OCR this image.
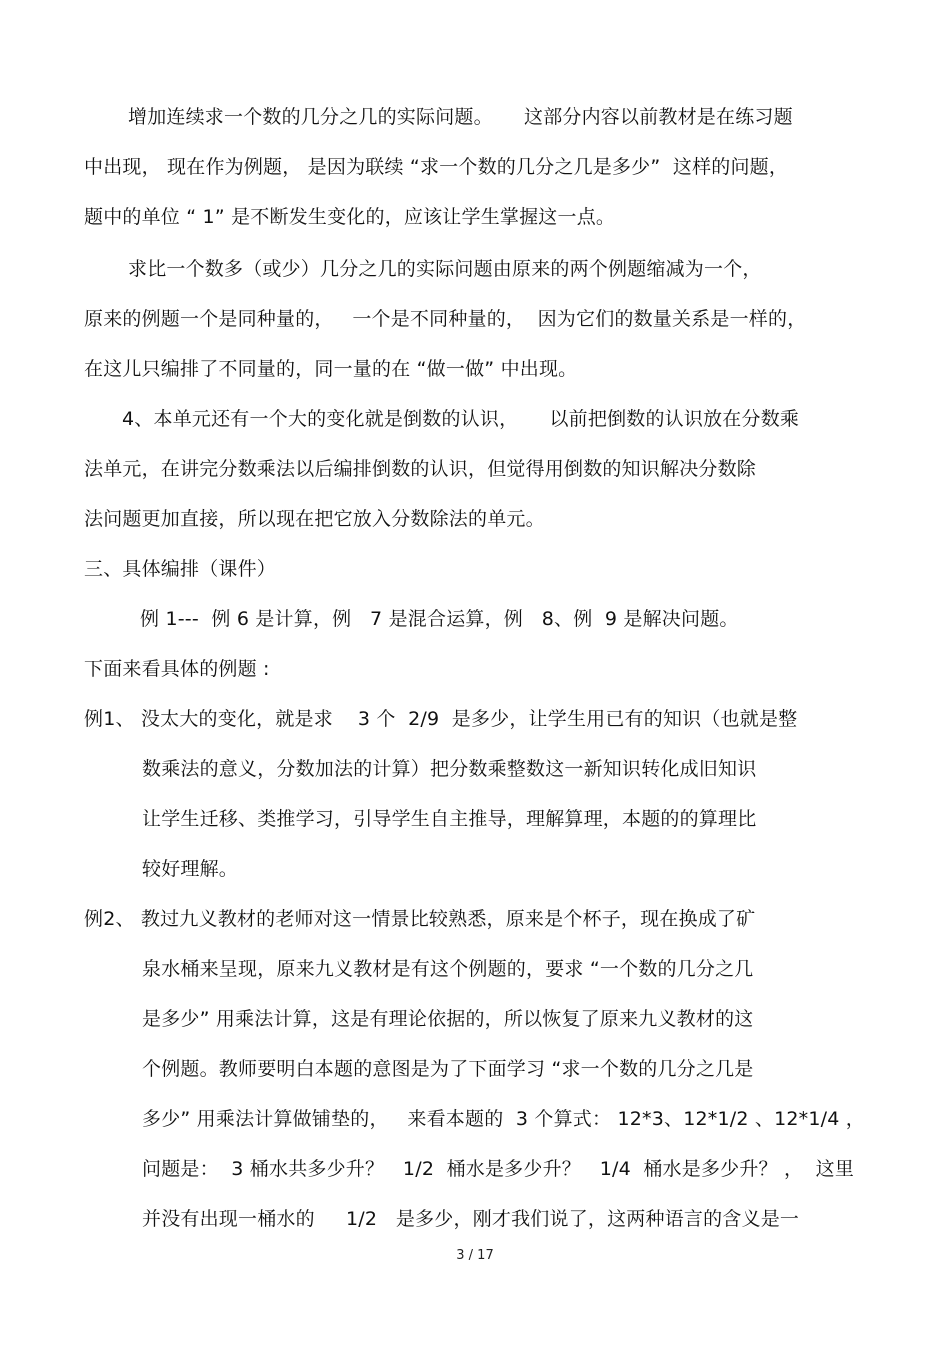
增加连续求一个数的几分之几的实际问题。     这部分内容以前教材是在练习题
中出现， 现在作为例题， 是因为联续 “求一个数的几分之几是多少”  这样的问题，
题中的单位 “ 1” 是不断发生变化的，应该让学生掌握这一点。
求比一个数多（或少）几分之几的实际问题由原来的两个例题缩减为一个，
原来的例题一个是同种量的，   一个是不同种量的，  因为它们的数量关系是一样的，
在这儿只编排了不同量的，同一量的在 “做一做” 中出现。
4、本单元还有一个大的变化就是倒数的认识，     以前把倒数的认识放在分数乘
法单元，在讲完分数乘法以后编排倒数的认识，但觉得用倒数的知识解决分数除
法问题更加直接，所以现在把它放入分数除法的单元。
三、具体编排（课件）
例 1---  例 6 是计算，例   7 是混合运算，例   8、例  9 是解决问题。
下面来看具体的例题 :
例1、 没太大的变化，就是求    3 个  2/9  是多少，让学生用已有的知识（也就是整
数乘法的意义，分数加法的计算）把分数乘整数这一新知识转化成旧知识
让学生迁移、类推学习，引导学生自主推导，理解算理，本题的的算理比
较好理解。
例2、 教过九义教材的老师对这一情景比较熟悉，原来是个杯子，现在换成了矿
泉水桶来呈现，原来九义教材是有这个例题的，要求 “一个数的几分之几
是多少” 用乘法计算，这是有理论依据的，所以恢复了原来九义教材的这
个例题。教师要明白本题的意图是为了下面学习 “求一个数的几分之几是
多少” 用乘法计算做铺垫的，   来看本题的  3 个算式： 12*3、12*1/2 、12*1/4 ，
问题是：  3 桶水共多少升？   1/2  桶水是多少升？   1/4  桶水是多少升？ ，  这里
并没有出现一桶水的     1/2   是多少，刚才我们说了，这两种语言的含义是一
3 / 17
